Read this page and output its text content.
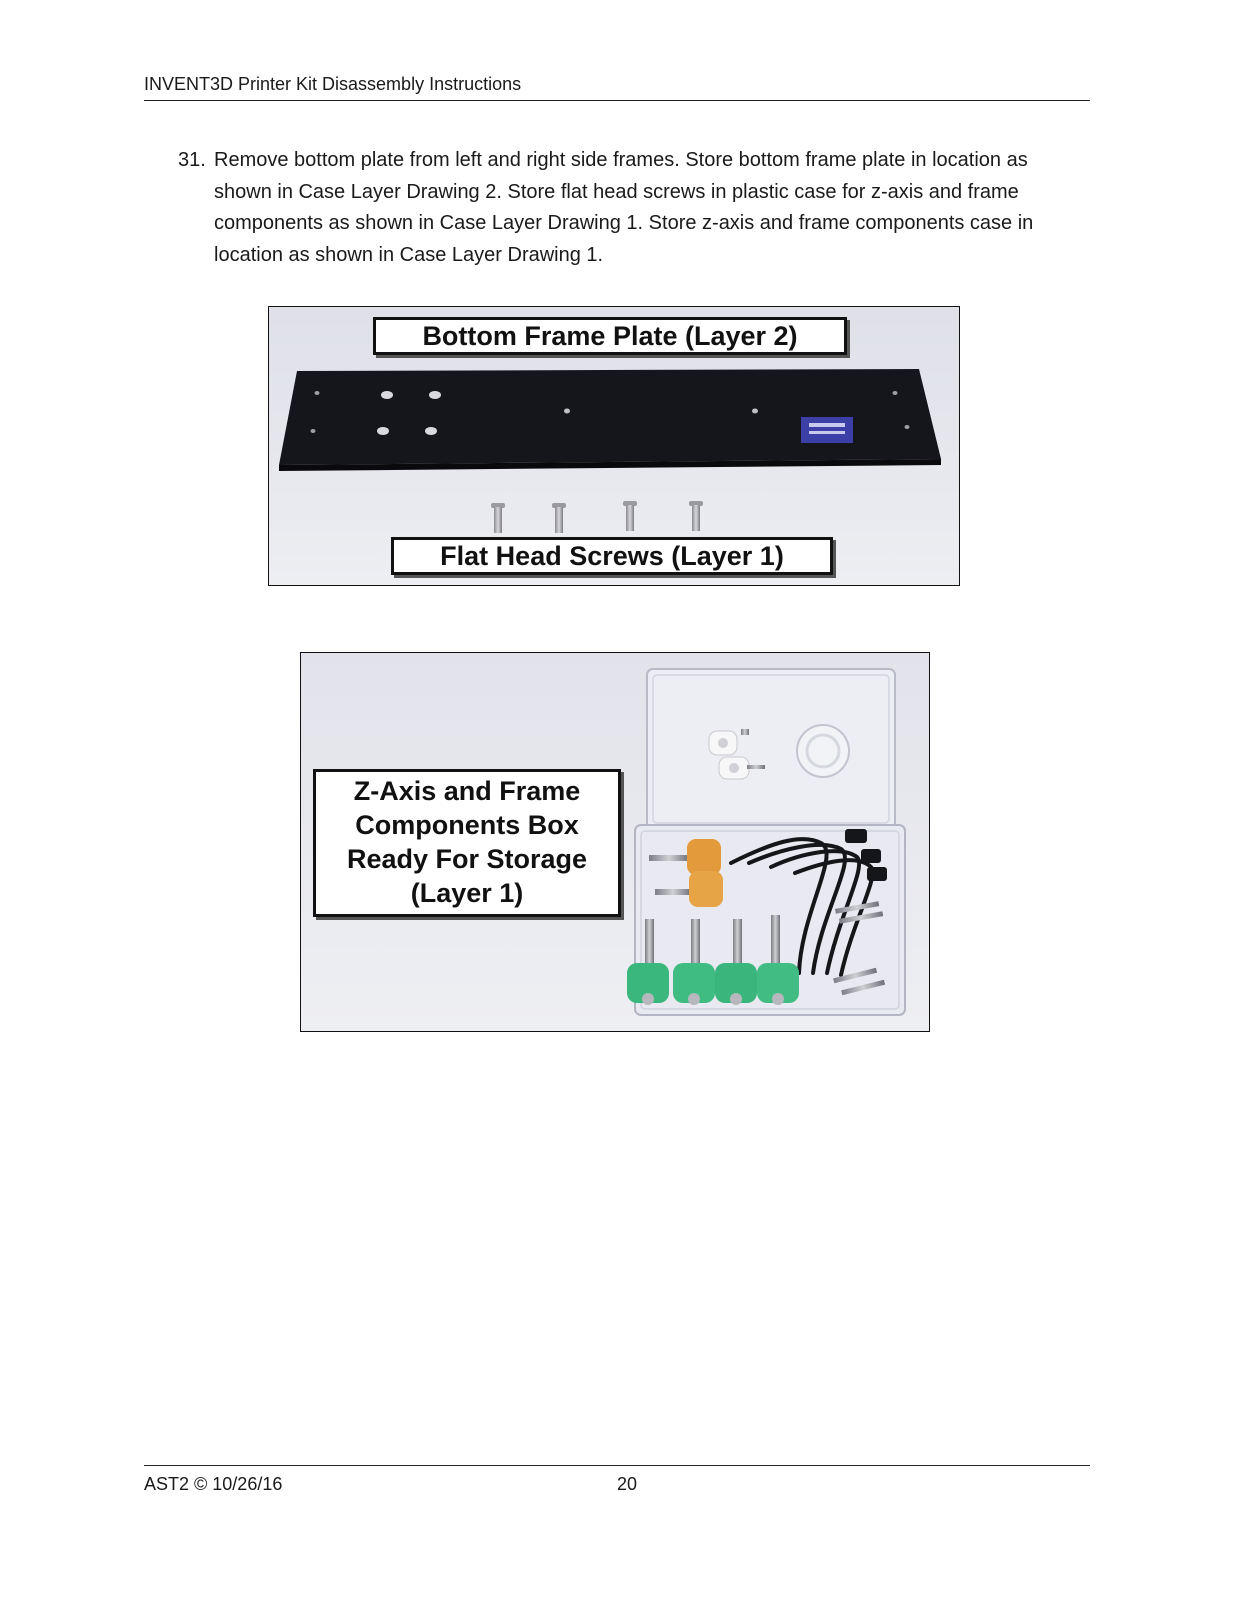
INVENT3D Printer Kit Disassembly Instructions
31. Remove bottom plate from left and right side frames. Store bottom frame plate in location as shown in Case Layer Drawing 2. Store flat head screws in plastic case for z-axis and frame components as shown in Case Layer Drawing 1. Store z-axis and frame components case in location as shown in Case Layer Drawing 1.
Bottom Frame Plate (Layer 2)
Flat Head Screws (Layer 1)
Z-Axis and Frame
Components Box
Ready For Storage
(Layer 1)
AST2 © 10/26/16	20
